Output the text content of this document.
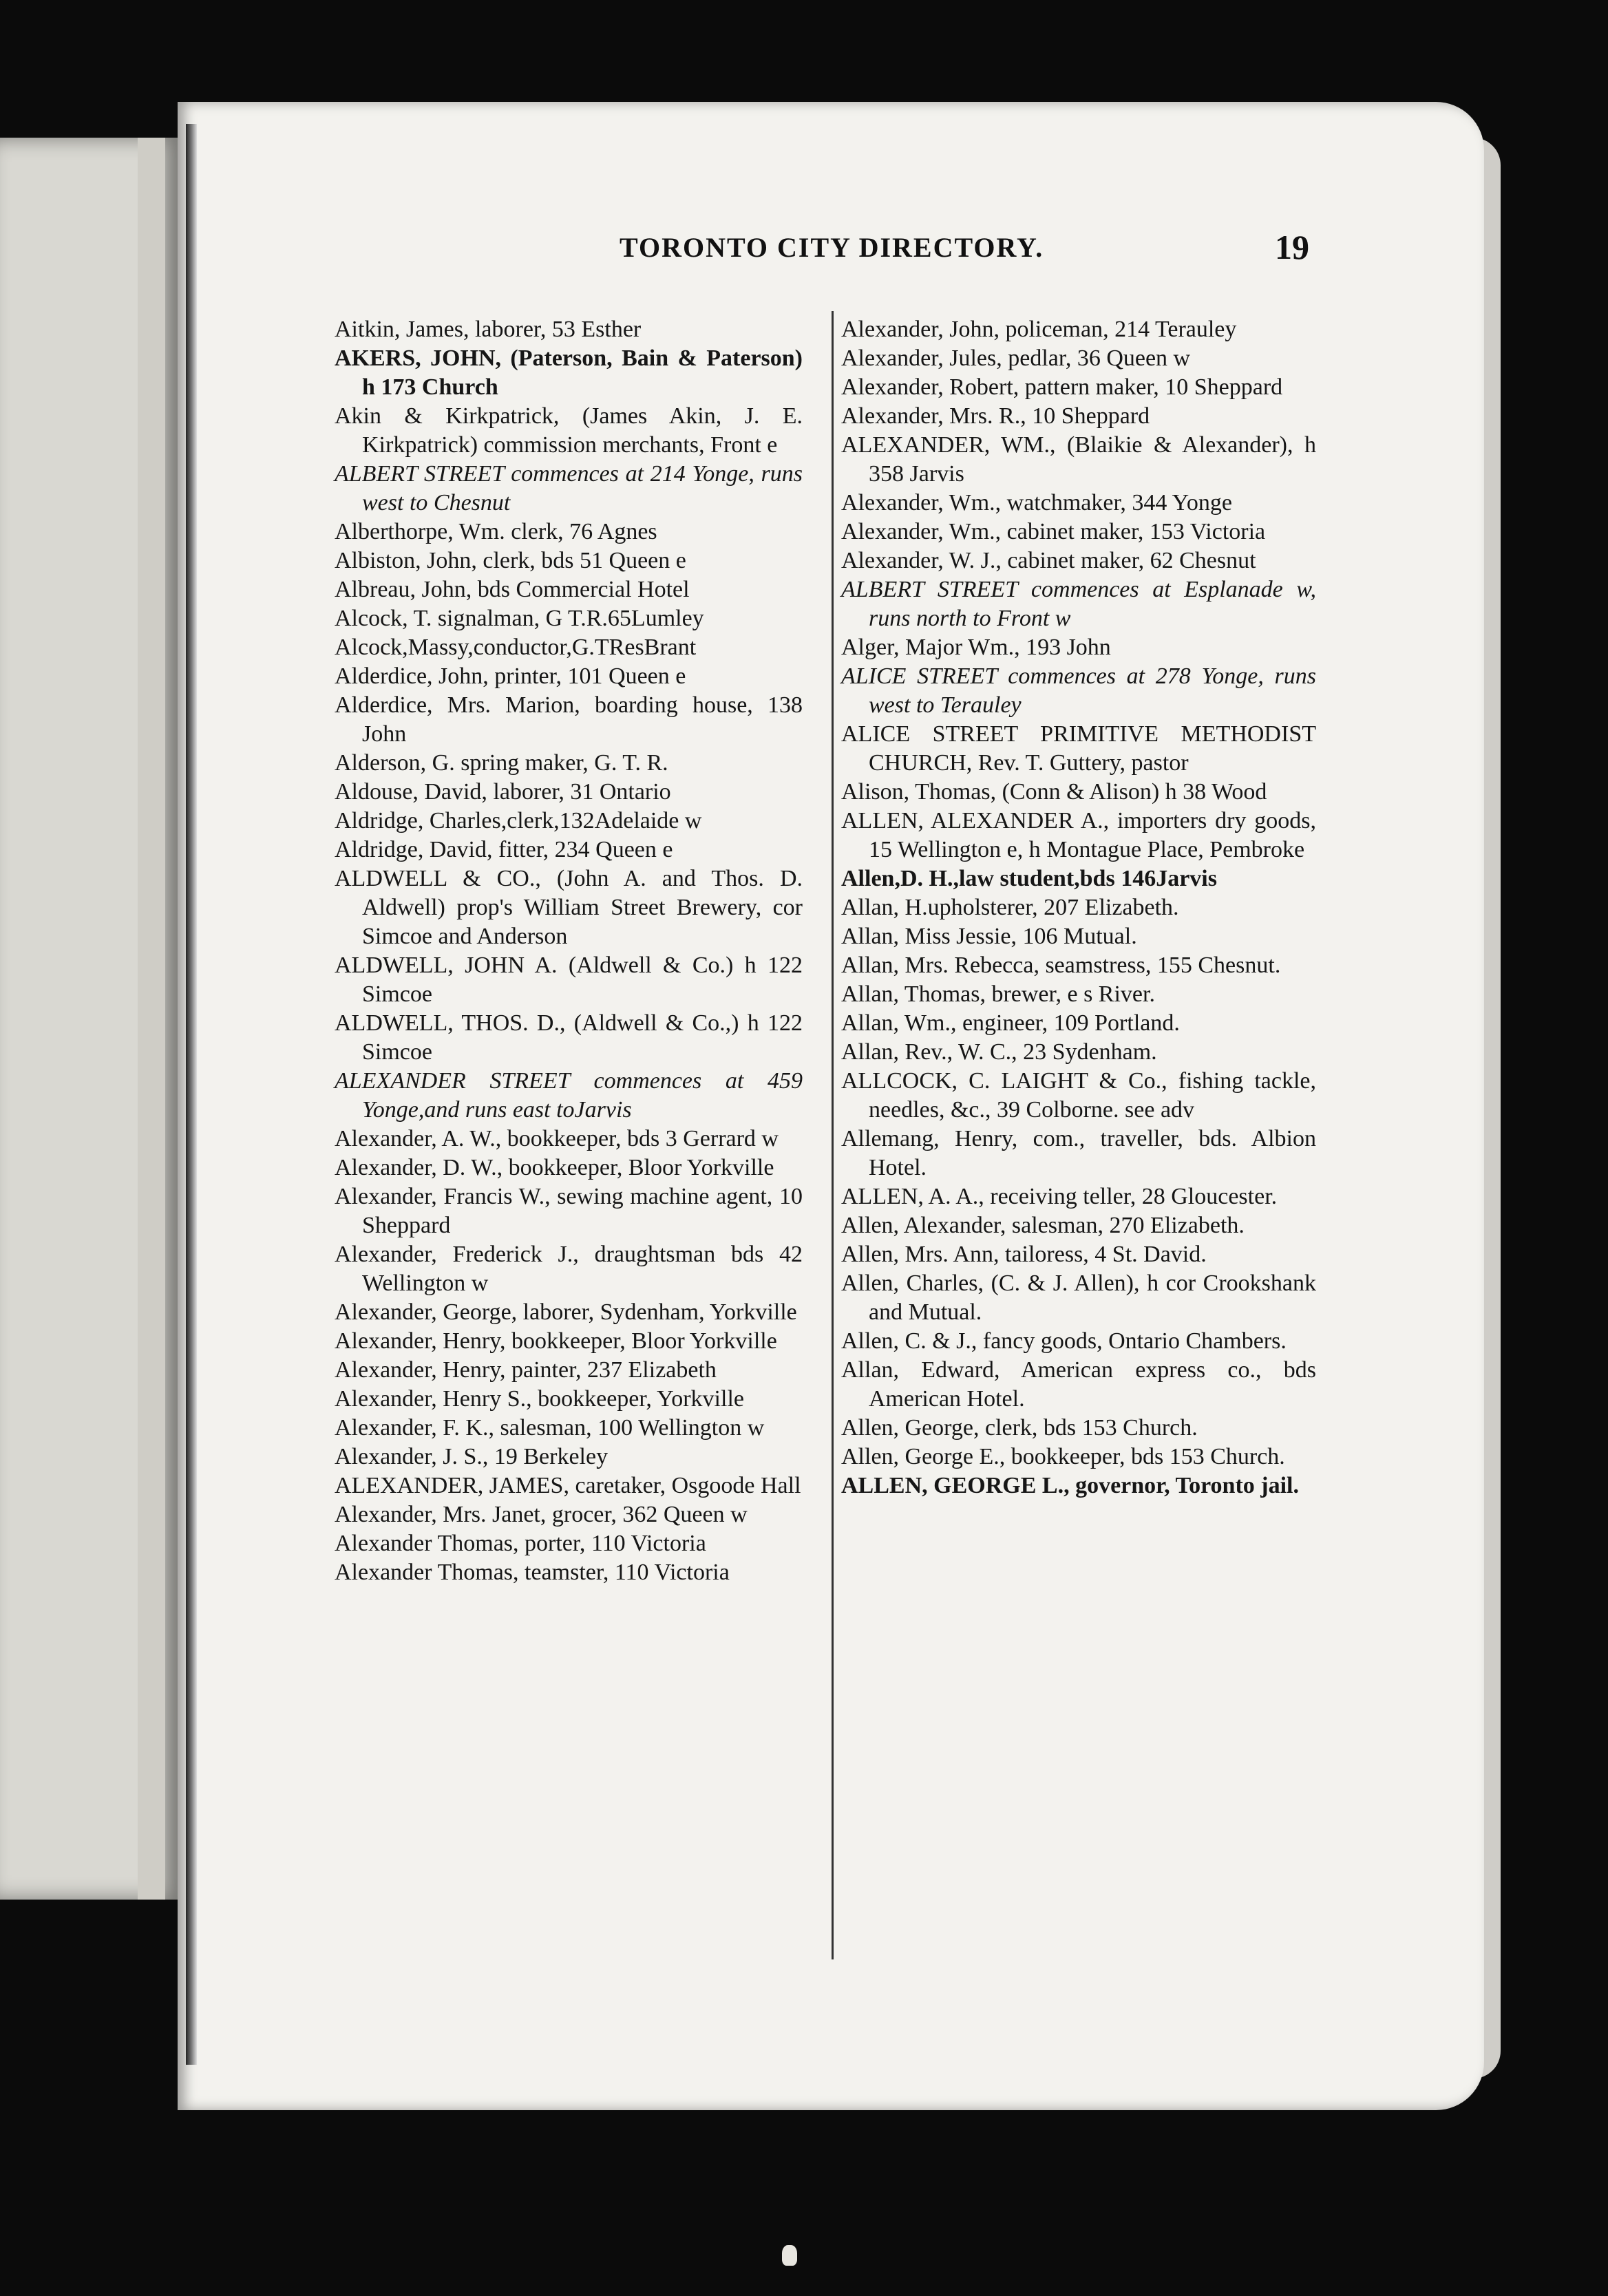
TORONTO CITY DIRECTORY.	19
Aitkin, James, laborer, 53 Esther
AKERS, JOHN, (Paterson, Bain & Paterson) h 173 Church
Akin & Kirkpatrick, (James Akin, J. E. Kirkpatrick) commission merchants, Front e
ALBERT STREET commences at 214 Yonge, runs west to Chesnut
Alberthorpe, Wm. clerk, 76 Agnes
Albiston, John, clerk, bds 51 Queen e
Albreau, John, bds Commercial Hotel
Alcock, T. signalman, G T.R.65Lumley
Alcock,Massy,conductor,G.TResBrant
Alderdice, John, printer, 101 Queen e
Alderdice, Mrs. Marion, boarding house, 138 John
Alderson, G. spring maker, G. T. R.
Aldouse, David, laborer, 31 Ontario
Aldridge, Charles,clerk,132Adelaide w
Aldridge, David, fitter, 234 Queen e
ALDWELL & CO., (John A. and Thos. D. Aldwell) prop's William Street Brewery, cor Simcoe and Anderson
ALDWELL, JOHN A. (Aldwell & Co.) h 122 Simcoe
ALDWELL, THOS. D., (Aldwell & Co.,) h 122 Simcoe
ALEXANDER STREET commences at 459 Yonge,and runs east toJarvis
Alexander, A. W., bookkeeper, bds 3 Gerrard w
Alexander, D. W., bookkeeper, Bloor Yorkville
Alexander, Francis W., sewing machine agent, 10 Sheppard
Alexander, Frederick J., draughtsman bds 42 Wellington w
Alexander, George, laborer, Sydenham, Yorkville
Alexander, Henry, bookkeeper, Bloor Yorkville
Alexander, Henry, painter, 237 Elizabeth
Alexander, Henry S., bookkeeper, Yorkville
Alexander, F. K., salesman, 100 Wellington w
Alexander, J. S., 19 Berkeley
ALEXANDER, JAMES, caretaker, Osgoode Hall
Alexander, Mrs. Janet, grocer, 362 Queen w
Alexander Thomas, porter, 110 Victoria
Alexander Thomas, teamster, 110 Victoria
Alexander, John, policeman, 214 Terauley
Alexander, Jules, pedlar, 36 Queen w
Alexander, Robert, pattern maker, 10 Sheppard
Alexander, Mrs. R., 10 Sheppard
ALEXANDER, WM., (Blaikie & Alexander), h 358 Jarvis
Alexander, Wm., watchmaker, 344 Yonge
Alexander, Wm., cabinet maker, 153 Victoria
Alexander, W. J., cabinet maker, 62 Chesnut
ALBERT STREET commences at Esplanade w, runs north to Front w
Alger, Major Wm., 193 John
ALICE STREET commences at 278 Yonge, runs west to Terauley
ALICE STREET PRIMITIVE METHODIST CHURCH, Rev. T. Guttery, pastor
Alison, Thomas, (Conn & Alison) h 38 Wood
ALLEN, ALEXANDER A., importers dry goods, 15 Wellington e, h Montague Place, Pembroke
Allen,D. H.,law student,bds 146Jarvis
Allan, H.upholsterer, 207 Elizabeth.
Allan, Miss Jessie, 106 Mutual.
Allan, Mrs. Rebecca, seamstress, 155 Chesnut.
Allan, Thomas, brewer, e s River.
Allan, Wm., engineer, 109 Portland.
Allan, Rev., W. C., 23 Sydenham.
ALLCOCK, C. LAIGHT & Co., fishing tackle, needles, &c., 39 Colborne. see adv
Allemang, Henry, com., traveller, bds. Albion Hotel.
ALLEN, A. A., receiving teller, 28 Gloucester.
Allen, Alexander, salesman, 270 Elizabeth.
Allen, Mrs. Ann, tailoress, 4 St. David.
Allen, Charles, (C. & J. Allen), h cor Crookshank and Mutual.
Allen, C. & J., fancy goods, Ontario Chambers.
Allan, Edward, American express co., bds American Hotel.
Allen, George, clerk, bds 153 Church.
Allen, George E., bookkeeper, bds 153 Church.
ALLEN, GEORGE L., governor, Toronto jail.
